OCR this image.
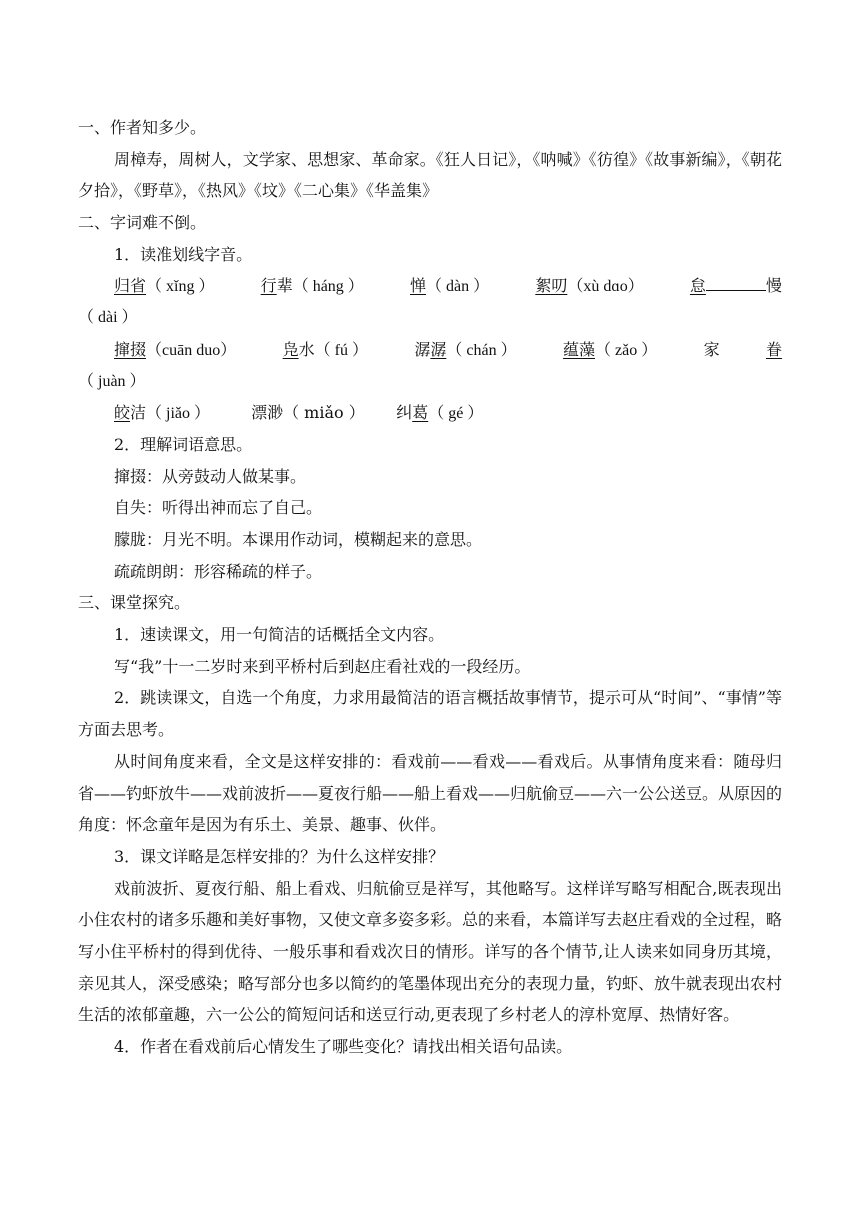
一、作者知多少。
周樟寿，周树人，文学家、思想家、革命家。《狂人日记》，《呐喊》《彷徨》《故事新编》，《朝花夕拾》，《野草》，《热风》《坟》《二心集》《华盖集》
二、字词难不倒。
1．读准划线字音。
归省（ xǐng ）	行辈（ háng ）	惮（ dàn ）	絮叨（xù dɑo）	怠	慢
（ dài ）
撺掇（cuān duo）	凫水（ fú ）	潺潺（ chán ）	蕴藻（ zǎo ）	家	眷
（ juàn ）
皎洁（ jiǎo ）	漂渺（ miǎo ） 纠葛（ gé ）
2．理解词语意思。
撺掇：从旁鼓动人做某事。
自失：听得出神而忘了自己。
朦胧：月光不明。本课用作动词，模糊起来的意思。
疏疏朗朗：形容稀疏的样子。
三、课堂探究。
1．速读课文，用一句简洁的话概括全文内容。
写“我”十一二岁时来到平桥村后到赵庄看社戏的一段经历。
2．跳读课文，自选一个角度，力求用最简洁的语言概括故事情节，提示可从“时间”、“事情”等方面去思考。
从时间角度来看，全文是这样安排的：看戏前——看戏——看戏后。从事情角度来看：随母归省——钓虾放牛——戏前波折——夏夜行船——船上看戏——归航偷豆——六一公公送豆。从原因的角度：怀念童年是因为有乐土、美景、趣事、伙伴。
3．课文详略是怎样安排的？为什么这样安排？
戏前波折、夏夜行船、船上看戏、归航偷豆是祥写，其他略写。这样详写略写相配合,既表现出小住农村的诸多乐趣和美好事物，又使文章多姿多彩。总的来看，本篇详写去赵庄看戏的全过程，略写小住平桥村的得到优待、一般乐事和看戏次日的情形。详写的各个情节,让人读来如同身历其境，亲见其人，深受感染；略写部分也多以简约的笔墨体现出充分的表现力量，钓虾、放牛就表现出农村生活的浓郁童趣，六一公公的简短问话和送豆行动,更表现了乡村老人的淳朴宽厚、热情好客。
4．作者在看戏前后心情发生了哪些变化？请找出相关语句品读。
